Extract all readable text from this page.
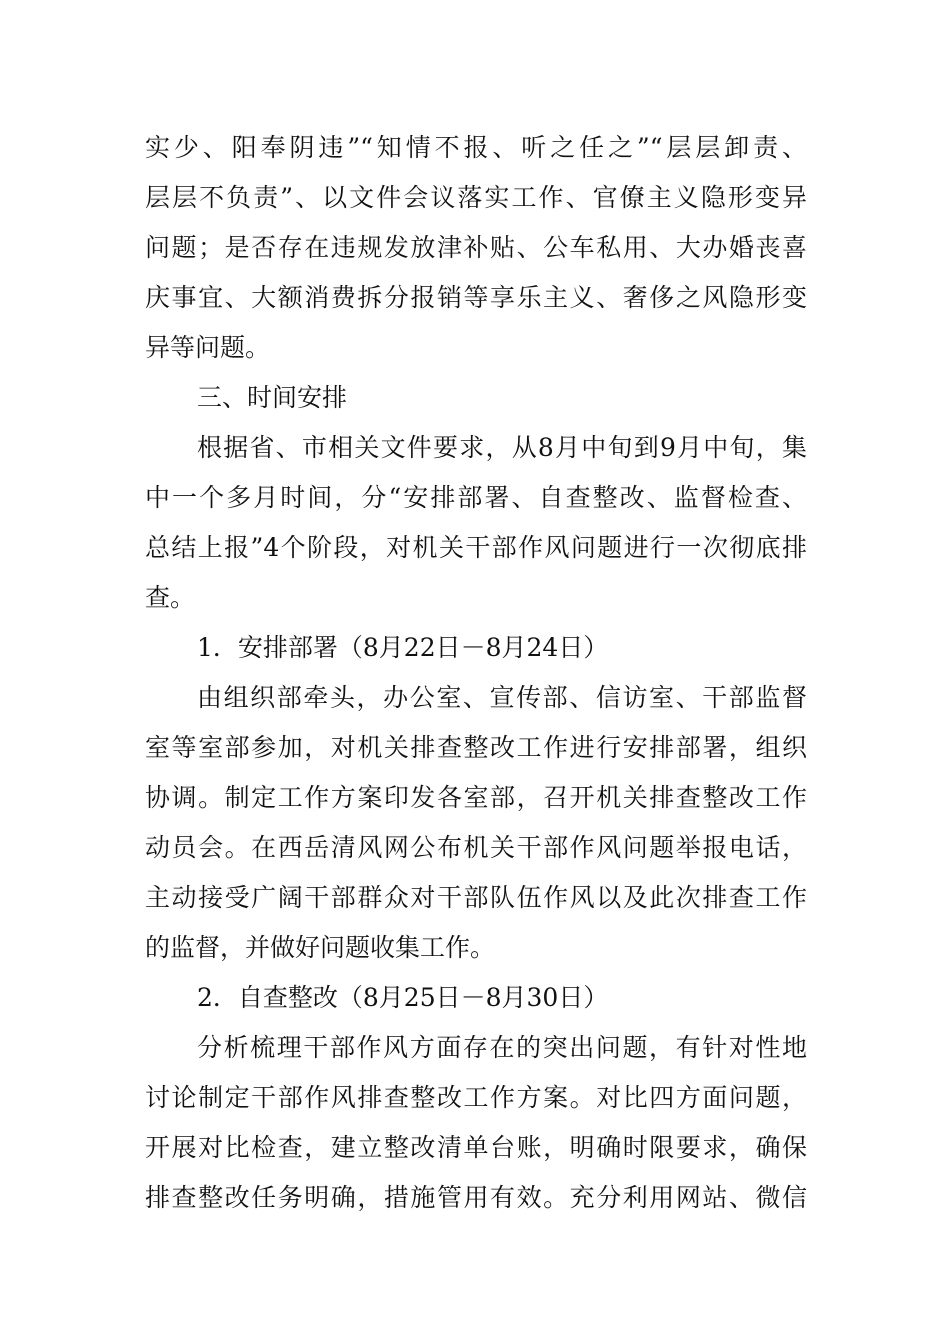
实少、阳奉阴违”“知情不报、听之任之”“层层卸责、
层层不负责”、以文件会议落实工作、官僚主义隐形变异
问题；是否存在违规发放津补贴、公车私用、大办婚丧喜
庆事宜、大额消费拆分报销等享乐主义、奢侈之风隐形变
异等问题。
三、时间安排
根据省、市相关文件要求，从8月中旬到9月中旬，集
中一个多月时间，分“安排部署、自查整改、监督检查、
总结上报”4个阶段，对机关干部作风问题进行一次彻底排
查。
1．安排部署（8月22日－8月24日）
由组织部牵头，办公室、宣传部、信访室、干部监督
室等室部参加，对机关排查整改工作进行安排部署，组织
协调。制定工作方案印发各室部，召开机关排查整改工作
动员会。在西岳清风网公布机关干部作风问题举报电话，
主动接受广阔干部群众对干部队伍作风以及此次排查工作
的监督，并做好问题收集工作。
2．自查整改（8月25日－8月30日）
分析梳理干部作风方面存在的突出问题，有针对性地
讨论制定干部作风排查整改工作方案。对比四方面问题，
开展对比检查，建立整改清单台账，明确时限要求，确保
排查整改任务明确，措施管用有效。充分利用网站、微信
